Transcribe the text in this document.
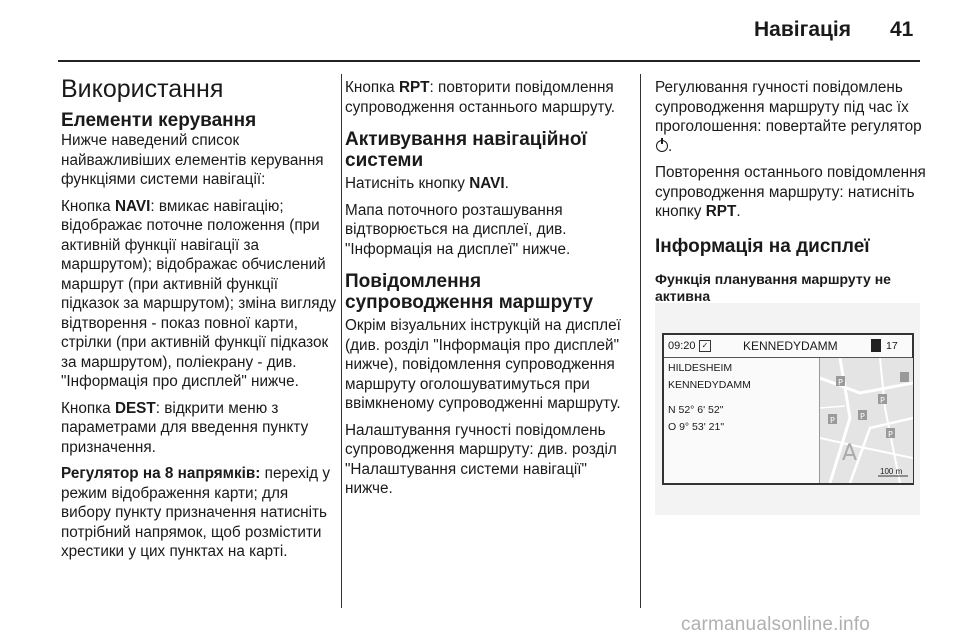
Навігація 41
Використання
Елементи керування

Нижче наведений список найважливіших елементів керування функціями системи навігації:

Кнопка NAVI: вмикає навігацію; відображає поточне положення (при активній функції навігації за маршрутом); відображає обчислений маршрут (при активній функції підказок за маршрутом); зміна вигляду відтворення - показ повної карти, стрілки (при активній функції підказок за маршрутом), поліекрану - див. "Інформація про дисплей" нижче.

Кнопка DEST: відкрити меню з параметрами для введення пункту призначення.

Регулятор на 8 напрямків: перехід у режим відображення карти; для вибору пункту призначення натисніть потрібний напрямок, щоб розмістити хрестики у цих пунктах на карті.

Кнопка RPT: повторити повідомлення супроводження останнього маршруту.

Активування навігаційної системи

Натисніть кнопку NAVI.

Мапа поточного розташування відтворюється на дисплеї, див. "Інформація на дисплеї" нижче.

Повідомлення супроводження маршруту

Окрім візуальних інструкцій на дисплеї (див. розділ "Інформація про дисплей" нижче), повідомлення супроводження маршруту оголошуватимуться при ввімкненому супроводженні маршруту.

Налаштування гучності повідомлень супроводження маршруту: див. розділ "Налаштування системи навігації" нижче.

Регулювання гучності повідомлень супроводження маршруту під час їх проголошення: повертайте регулятор .

Повторення останнього повідомлення супроводження маршруту: натисніть кнопку RPT.

Інформація на дисплеї
Функція планування маршруту не активна
09:20 ✓	KENNEDYDAMM	17
HILDESHEIM
KENNEDYDAMM
N 52° 6' 52"
O 9° 53' 21"
P
P	P
P
P
A
100 m
carmanualsonline.info
